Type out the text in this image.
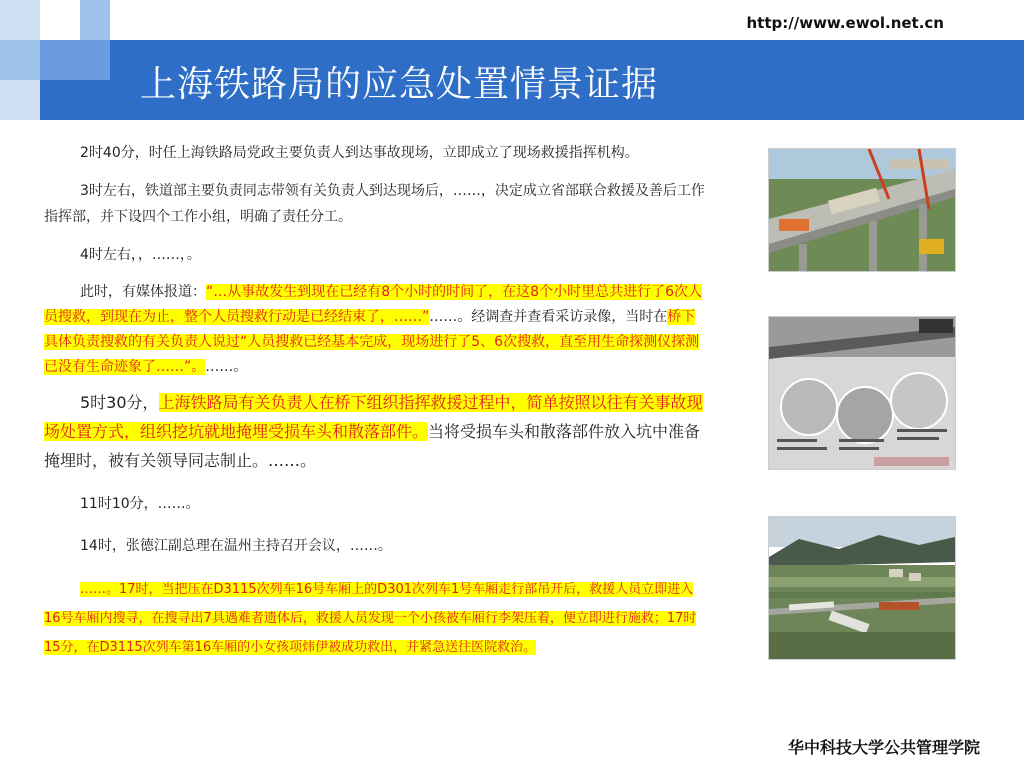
http://www.ewol.net.cn
上海铁路局的应急处置情景证据

2时40分，时任上海铁路局党政主要负责人到达事故现场，立即成立了现场救援指挥机构。

3时左右，铁道部主要负责同志带领有关负责人到达现场后，……，决定成立省部联合救援及善后工作指挥部，并下设四个工作小组，明确了责任分工。

4时左右，，……，。

此时，有媒体报道：“…从事故发生到现在已经有8个小时的时间了，在这8个小时里总共进行了6次人员搜救，到现在为止，整个人员搜救行动是已经结束了，……”……。经调查并查看采访录像，当时在桥下具体负责搜救的有关负责人说过“人员搜救已经基本完成，现场进行了5、6次搜救，直至用生命探测仪探测已没有生命迹象了……”。……。

5时30分，上海铁路局有关负责人在桥下组织指挥救援过程中，简单按照以往有关事故现场处置方式，组织挖坑就地掩埋受损车头和散落部件。当将受损车头和散落部件放入坑中准备掩埋时，被有关领导同志制止。……。

11时10分，……。

14时，张德江副总理在温州主持召开会议，……。

……。17时，当把压在D3115次列车16号车厢上的D301次列车1号车厢走行部吊开后，救援人员立即进入16号车厢内搜寻，在搜寻出7具遇难者遗体后，救援人员发现一个小孩被车厢行李架压着，便立即进行施救；17时15分，在D3115次列车第16车厢的小女孩项炜伊被成功救出，并紧急送往医院救治。

华中科技大学公共管理学院
